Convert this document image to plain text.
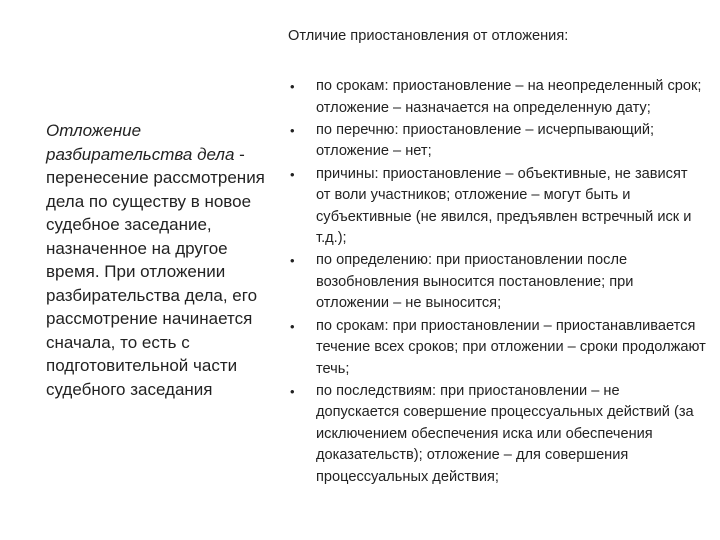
Отложение разбирательства дела - перенесение рассмотрения дела по существу в новое судебное заседание, назначенное на другое время. При отложении разбирательства дела, его рассмотрение начинается сначала, то есть с подготовительной части судебного заседания
Отличие приостановления от отложения:
•	по срокам: приостановление – на неопределенный срок; отложение – назначается на определенную дату;
•	по перечню: приостановление – исчерпывающий; отложение – нет;
•	причины: приостановление – объективные, не зависят от воли участников; отложение – могут быть и субъективные (не явился, предъявлен встречный иск и т.д.);
•	по определению: при приостановлении после возобновления выносится постановление; при отложении – не выносится;
•	по срокам: при приостановлении – приостанавливается течение всех сроков; при отложении – сроки продолжают течь;
•	по последствиям: при приостановлении – не допускается совершение процессуальных действий (за исключением обеспечения иска или обеспечения доказательств); отложение – для совершения процессуальных действия;
